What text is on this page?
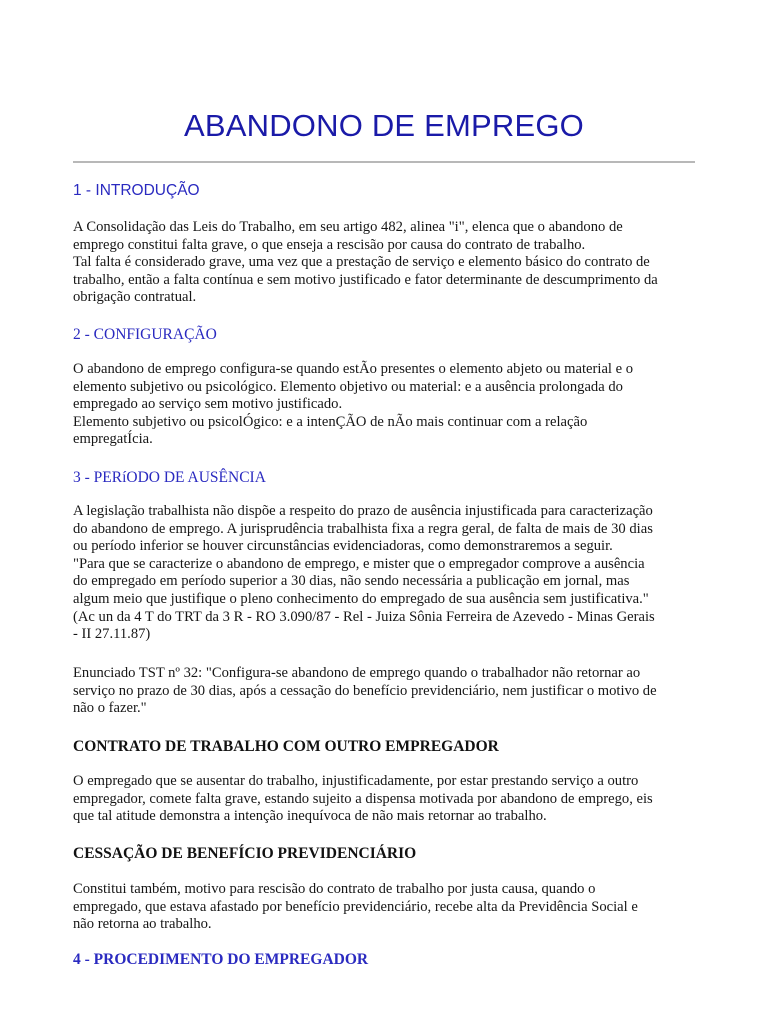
ABANDONO DE EMPREGO
1 - INTRODUÇÃO
A Consolidação das Leis do Trabalho, em seu artigo 482, alinea "i", elenca que o abandono de
emprego constitui falta grave, o que enseja a rescisão por causa do contrato de trabalho.
Tal falta é considerado grave, uma vez que a prestação de serviço e elemento básico do contrato de
trabalho, então a falta contínua e sem motivo justificado e fator determinante de descumprimento da
obrigação contratual.
2 - CONFIGURAÇÃO
O abandono de emprego configura-se quando estÃo presentes o elemento abjeto ou material e o
elemento subjetivo ou psicológico. Elemento objetivo ou material: e a ausência prolongada do
empregado ao serviço sem motivo justificado.
Elemento subjetivo ou psicolÓgico: e a intenÇÃO de nÃo mais continuar com a relação
empregatÍcia.
3 - PERíODO DE AUSÊNCIA
A legislação trabalhista não dispõe a respeito do prazo de ausência injustificada para caracterização
do abandono de emprego. A jurisprudência trabalhista fixa a regra geral, de falta de mais de 30 dias
ou período inferior se houver circunstâncias evidenciadoras, como demonstraremos a seguir.
"Para que se caracterize o abandono de emprego, e mister que o empregador comprove a ausência
do empregado em período superior a 30 dias, não sendo necessária a publicação em jornal, mas
algum meio que justifique o pleno conhecimento do empregado de sua ausência sem justificativa."
(Ac un da 4 T do TRT da 3 R - RO 3.090/87 - Rel - Juiza Sônia Ferreira de Azevedo - Minas Gerais
- II 27.11.87)
Enunciado TST nº 32: "Configura-se abandono de emprego quando o trabalhador não retornar ao
serviço no prazo de 30 dias, após a cessação do benefício previdenciário, nem justificar o motivo de
não o fazer."
CONTRATO DE TRABALHO COM OUTRO EMPREGADOR
O empregado que se ausentar do trabalho, injustificadamente, por estar prestando serviço a outro
empregador, comete falta grave, estando sujeito a dispensa motivada por abandono de emprego, eis
que tal atitude demonstra a intenção inequívoca de não mais retornar ao trabalho.
CESSAÇÃO DE BENEFÍCIO PREVIDENCIÁRIO
Constitui também, motivo para rescisão do contrato de trabalho por justa causa, quando o
empregado, que estava afastado por benefício previdenciário, recebe alta da Previdência Social e
não retorna ao trabalho.
4 - PROCEDIMENTO DO EMPREGADOR
